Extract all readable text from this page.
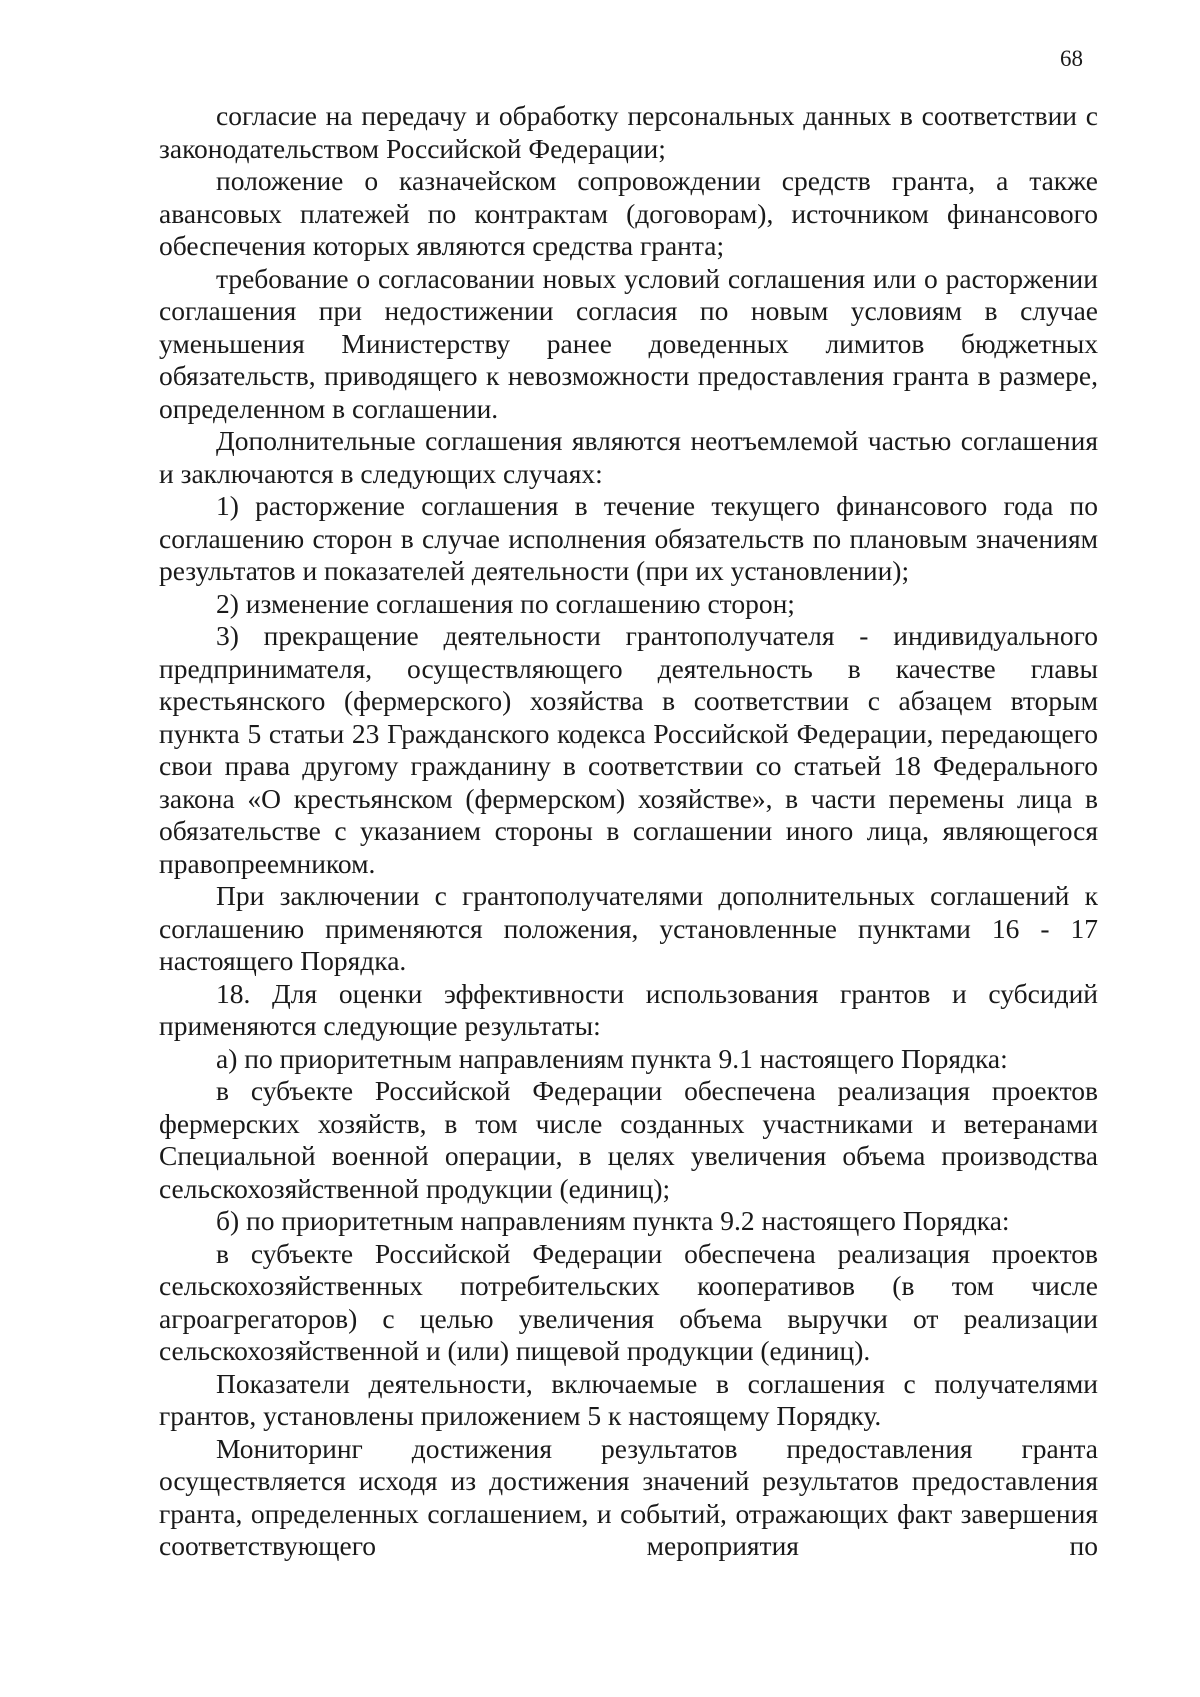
68

согласие на передачу и обработку персональных данных в соответствии с законодательством Российской Федерации;

положение о казначейском сопровождении средств гранта, а также авансовых платежей по контрактам (договорам), источником финансового обеспечения которых являются средства гранта;

требование о согласовании новых условий соглашения или о расторжении соглашения при недостижении согласия по новым условиям в случае уменьшения Министерству ранее доведенных лимитов бюджетных обязательств, приводящего к невозможности предоставления гранта в размере, определенном в соглашении.

Дополнительные соглашения являются неотъемлемой частью соглашения и заключаются в следующих случаях:

1) расторжение соглашения в течение текущего финансового года по соглашению сторон в случае исполнения обязательств по плановым значениям результатов и показателей деятельности (при их установлении);

2) изменение соглашения по соглашению сторон;

3) прекращение деятельности грантополучателя - индивидуального предпринимателя, осуществляющего деятельность в качестве главы крестьянского (фермерского) хозяйства в соответствии с абзацем вторым пункта 5 статьи 23 Гражданского кодекса Российской Федерации, передающего свои права другому гражданину в соответствии со статьей 18 Федерального закона «О крестьянском (фермерском) хозяйстве», в части перемены лица в обязательстве с указанием стороны в соглашении иного лица, являющегося правопреемником.

При заключении с грантополучателями дополнительных соглашений к соглашению применяются положения, установленные пунктами 16 - 17 настоящего Порядка.

18. Для оценки эффективности использования грантов и субсидий применяются следующие результаты:

а) по приоритетным направлениям пункта 9.1 настоящего Порядка:

в субъекте Российской Федерации обеспечена реализация проектов фермерских хозяйств, в том числе созданных участниками и ветеранами Специальной военной операции, в целях увеличения объема производства сельскохозяйственной продукции (единиц);

б) по приоритетным направлениям пункта 9.2 настоящего Порядка:

в субъекте Российской Федерации обеспечена реализация проектов сельскохозяйственных потребительских кооперативов (в том числе агроагрегаторов) с целью увеличения объема выручки от реализации сельскохозяйственной и (или) пищевой продукции (единиц).

Показатели деятельности, включаемые в соглашения с получателями грантов, установлены приложением 5 к настоящему Порядку.

Мониторинг достижения результатов предоставления гранта осуществляется исходя из достижения значений результатов предоставления гранта, определенных соглашением, и событий, отражающих факт завершения соответствующего мероприятия по
